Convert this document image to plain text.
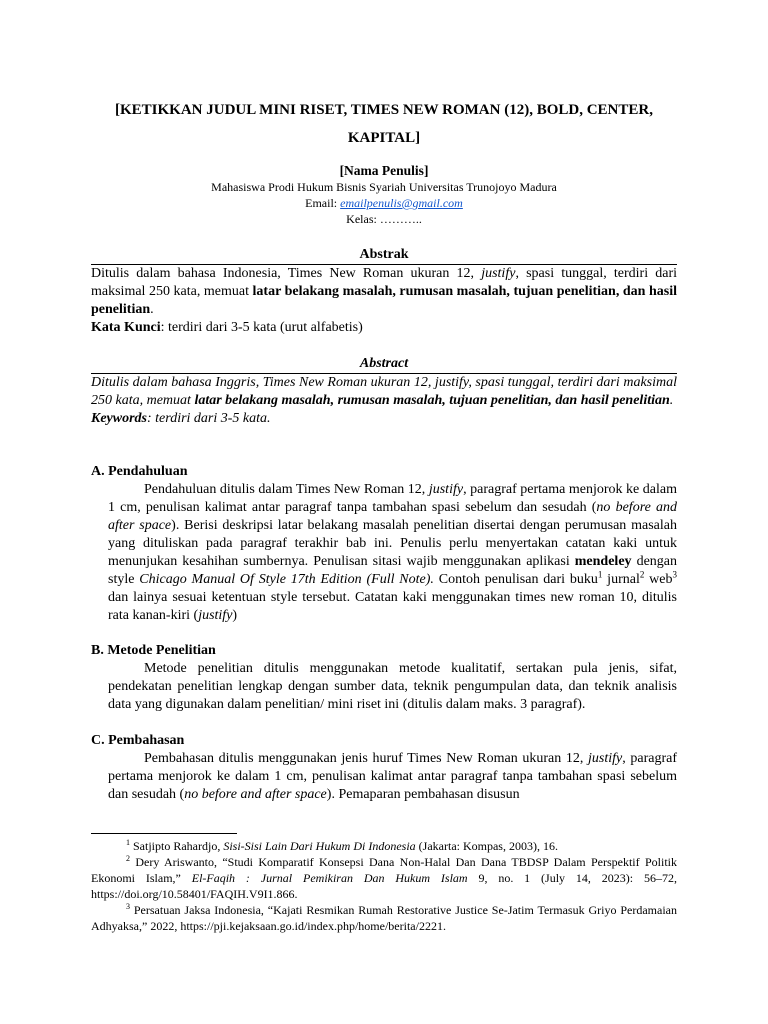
[KETIKKAN JUDUL MINI RISET, TIMES NEW ROMAN (12), BOLD, CENTER,
KAPITAL]
[Nama Penulis]
Mahasiswa Prodi Hukum Bisnis Syariah Universitas Trunojoyo Madura
Email: emailpenulis@gmail.com
Kelas: ………..
Abstrak

Ditulis dalam bahasa Indonesia, Times New Roman ukuran 12, justify, spasi tunggal, terdiri dari maksimal 250 kata, memuat latar belakang masalah, rumusan masalah, tujuan penelitian, dan hasil penelitian.

Kata Kunci: terdiri dari 3-5 kata (urut alfabetis)

Abstract

Ditulis dalam bahasa Inggris, Times New Roman ukuran 12, justify, spasi tunggal, terdiri dari maksimal 250 kata, memuat latar belakang masalah, rumusan masalah, tujuan penelitian, dan hasil penelitian.

Keywords: terdiri dari 3-5 kata.

A. Pendahuluan

Pendahuluan ditulis dalam Times New Roman 12, justify, paragraf pertama menjorok ke dalam 1 cm, penulisan kalimat antar paragraf tanpa tambahan spasi sebelum dan sesudah (no before and after space). Berisi deskripsi latar belakang masalah penelitian disertai dengan perumusan masalah yang dituliskan pada paragraf terakhir bab ini. Penulis perlu menyertakan catatan kaki untuk menunjukan kesahihan sumbernya. Penulisan sitasi wajib menggunakan aplikasi mendeley dengan style Chicago Manual Of Style 17th Edition (Full Note). Contoh penulisan dari buku$^1$ jurnal$^2$ web$^3$ dan lainya sesuai ketentuan style tersebut. Catatan kaki menggunakan times new roman 10, ditulis rata kanan-kiri (justify)

B. Metode Penelitian

Metode penelitian ditulis menggunakan metode kualitatif, sertakan pula jenis, sifat, pendekatan penelitian lengkap dengan sumber data, teknik pengumpulan data, dan teknik analisis data yang digunakan dalam penelitian/ mini riset ini (ditulis dalam maks. 3 paragraf).

C. Pembahasan

Pembahasan ditulis menggunakan jenis huruf Times New Roman ukuran 12, justify, paragraf pertama menjorok ke dalam 1 cm, penulisan kalimat antar paragraf tanpa tambahan spasi sebelum dan sesudah (no before and after space). Pemaparan pembahasan disusun

$^1$ Satjipto Rahardjo, Sisi-Sisi Lain Dari Hukum Di Indonesia (Jakarta: Kompas, 2003), 16.

$^2$ Dery Ariswanto, “Studi Komparatif Konsepsi Dana Non-Halal Dan Dana TBDSP Dalam Perspektif Politik Ekonomi Islam,” El-Faqih : Jurnal Pemikiran Dan Hukum Islam 9, no. 1 (July 14, 2023): 56–72, https://doi.org/10.58401/FAQIH.V9I1.866.

$^3$ Persatuan Jaksa Indonesia, “Kajati Resmikan Rumah Restorative Justice Se-Jatim Termasuk Griyo Perdamaian Adhyaksa,” 2022, https://pji.kejaksaan.go.id/index.php/home/berita/2221.
